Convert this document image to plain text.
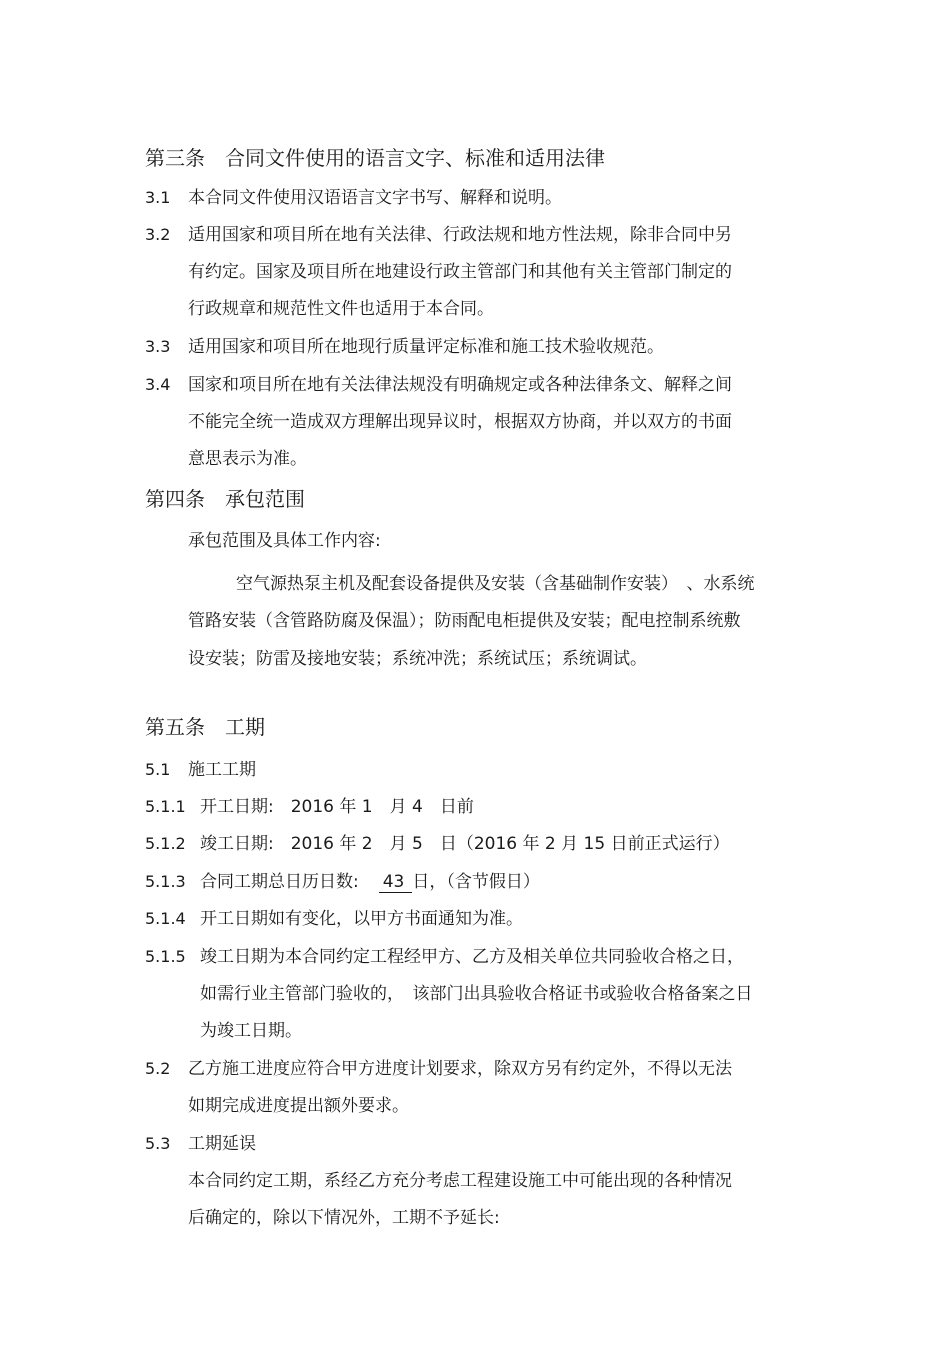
第三条　合同文件使用的语言文字、标准和适用法律
3.1 本合同文件使用汉语语言文字书写、解释和说明。
3.2 适用国家和项目所在地有关法律、行政法规和地方性法规，除非合同中另
有约定。国家及项目所在地建设行政主管部门和其他有关主管部门制定的
行政规章和规范性文件也适用于本合同。
3.3 适用国家和项目所在地现行质量评定标准和施工技术验收规范。
3.4 国家和项目所在地有关法律法规没有明确规定或各种法律条文、解释之间
不能完全统一造成双方理解出现异议时，根据双方协商，并以双方的书面
意思表示为准。
第四条　承包范围
承包范围及具体工作内容:
空气源热泵主机及配套设备提供及安装（含基础制作安装）　、水系统
管路安装（含管路防腐及保温）；防雨配电柜提供及安装；配电控制系统敷
设安装；防雷及接地安装；系统冲洗；系统试压；系统调试。
第五条　工期
5.1 施工工期
5.1.1 开工日期:　2016 年 1　月 4　日前
5.1.2 竣工日期:　2016 年 2　月 5　日（2016 年 2 月 15 日前正式运行）
5.1.3 合同工期总日历日数: 43 日，（含节假日）
5.1.4 开工日期如有变化，以甲方书面通知为准。
5.1.5 竣工日期为本合同约定工程经甲方、乙方及相关单位共同验收合格之日，
如需行业主管部门验收的，　该部门出具验收合格证书或验收合格备案之日
为竣工日期。
5.2 乙方施工进度应符合甲方进度计划要求，除双方另有约定外，不得以无法
如期完成进度提出额外要求。
5.3 工期延误
本合同约定工期，系经乙方充分考虑工程建设施工中可能出现的各种情况
后确定的，除以下情况外，工期不予延长:
